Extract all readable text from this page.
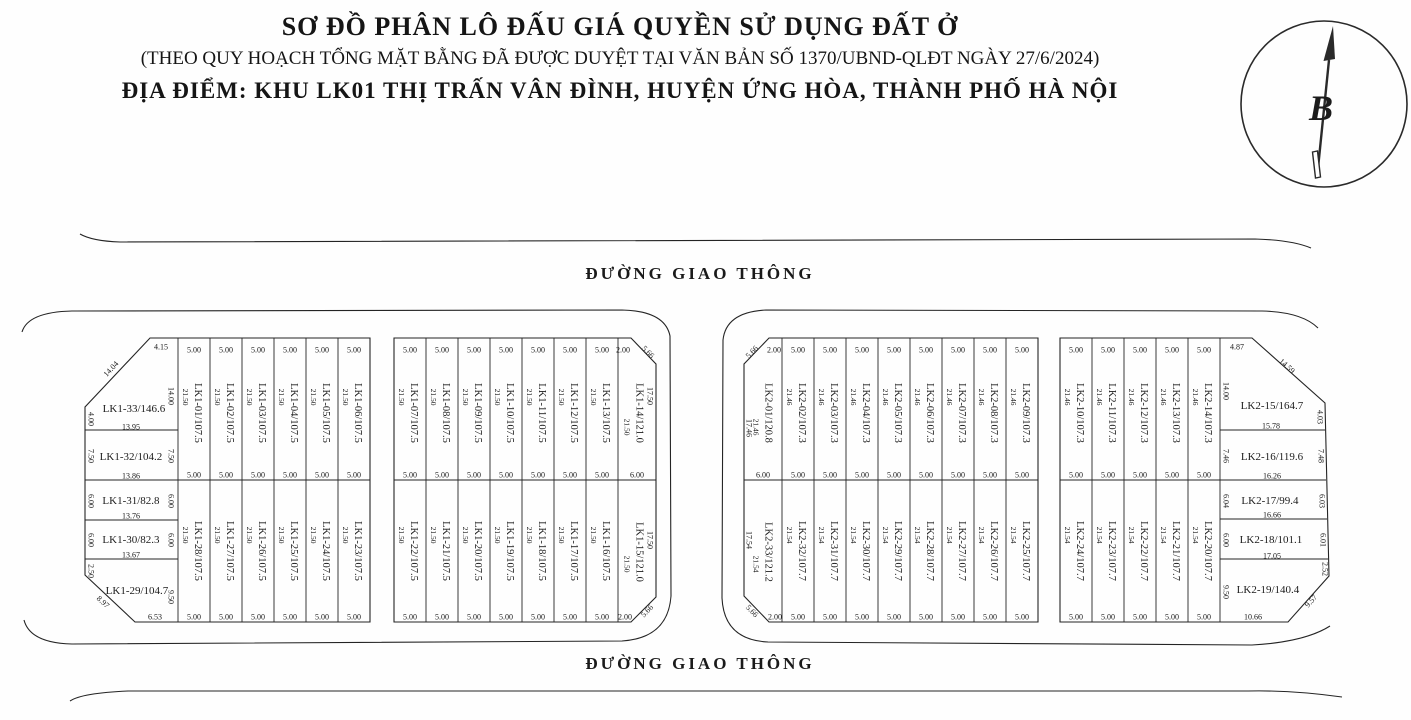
SƠ ĐỒ PHÂN LÔ ĐẤU GIÁ QUYỀN SỬ DỤNG ĐẤT Ở
(THEO QUY HOẠCH TỔNG MẶT BẰNG ĐÃ ĐƯỢC DUYỆT TẠI VĂN BẢN SỐ 1370/UBND-QLĐT NGÀY 27/6/2024)
ĐỊA ĐIỂM: KHU LK01 THỊ TRẤN VÂN ĐÌNH, HUYỆN ỨNG HÒA, THÀNH PHỐ HÀ NỘI	B
ĐƯỜNG GIAO THÔNG
ĐƯỜNG GIAO THÔNG
5.00
5.00
LK1-01/107.5
21.50
5.00
5.00
LK1-02/107.5
21.50
5.00
5.00
LK1-03/107.5
21.50
5.00
5.00
LK1-04/107.5
21.50
5.00
5.00
LK1-05/107.5
21.50
5.00
5.00
LK1-06/107.5
21.50
5.00
5.00
LK1-07/107.5
21.50
5.00
5.00
LK1-08/107.5
21.50
5.00
5.00
LK1-09/107.5
21.50
5.00
5.00
LK1-10/107.5
21.50
5.00
5.00
LK1-11/107.5
21.50
5.00
5.00
LK1-12/107.5
21.50
5.00
5.00
LK1-13/107.5
21.50
5.00
LK1-28/107.5
21.50
5.00
LK1-27/107.5
21.50
5.00
LK1-26/107.5
21.50
5.00
LK1-25/107.5
21.50
5.00
LK1-24/107.5
21.50
5.00
LK1-23/107.5
21.50
5.00
LK1-22/107.5
21.50
5.00
LK1-21/107.5
21.50
5.00
LK1-20/107.5
21.50
5.00
LK1-19/107.5
21.50
5.00
LK1-18/107.5
21.50
5.00
LK1-17/107.5
21.50
5.00
LK1-16/107.5
21.50
5.00
5.00
LK2-02/107.3
21.46
5.00
5.00
LK2-03/107.3
21.46
5.00
5.00
LK2-04/107.3
21.46
5.00
5.00
LK2-05/107.3
21.46
5.00
5.00
LK2-06/107.3
21.46
5.00
5.00
LK2-07/107.3
21.46
5.00
5.00
LK2-08/107.3
21.46
5.00
5.00
LK2-09/107.3
21.46
5.00
5.00
LK2-10/107.3
21.46
5.00
5.00
LK2-11/107.3
21.46
5.00
5.00
LK2-12/107.3
21.46
5.00
5.00
LK2-13/107.3
21.46
5.00
5.00
LK2-14/107.3
21.46
5.00
LK2-32/107.7
21.54
5.00
LK2-31/107.7
21.54
5.00
LK2-30/107.7
21.54
5.00
LK2-29/107.7
21.54
5.00
LK2-28/107.7
21.54
5.00
LK2-27/107.7
21.54
5.00
LK2-26/107.7
21.54
5.00
LK2-25/107.7
21.54
5.00
LK2-24/107.7
21.54
5.00
LK2-23/107.7
21.54
5.00
LK2-22/107.7
21.54
5.00
LK2-21/107.7
21.54
5.00
LK2-20/107.7
21.54
2.00
17.50
LK1-14/121.0
21.50
5.66
6.00
17.50
LK1-15/121.0
21.50
5.66
2.00
2.00
17.46 LK2-01/120.8
21.46
5.66
6.00
17.54 LK2-33/121.2
21.54
5.66 2.00
LK1-33/146.6
4.00
14.00
4.15
14.04
13.95
LK1-32/104.2
7.50	7.50
13.86
LK1-31/82.8
6.00	6.00
13.76
LK1-30/82.3
6.00	6.00
13.67
LK1-29/104.7
2.50
9.50
8.97
6.53
LK2-15/164.7
14.00
4.03
4.87
14.59
15.78
LK2-16/119.6
7.46	7.48
16.26
LK2-17/99.4
6.04	6.03
16.66
LK2-18/101.1
6.00	6.01
17.05
LK2-19/140.4
9.50
2.52
9.57
10.66
